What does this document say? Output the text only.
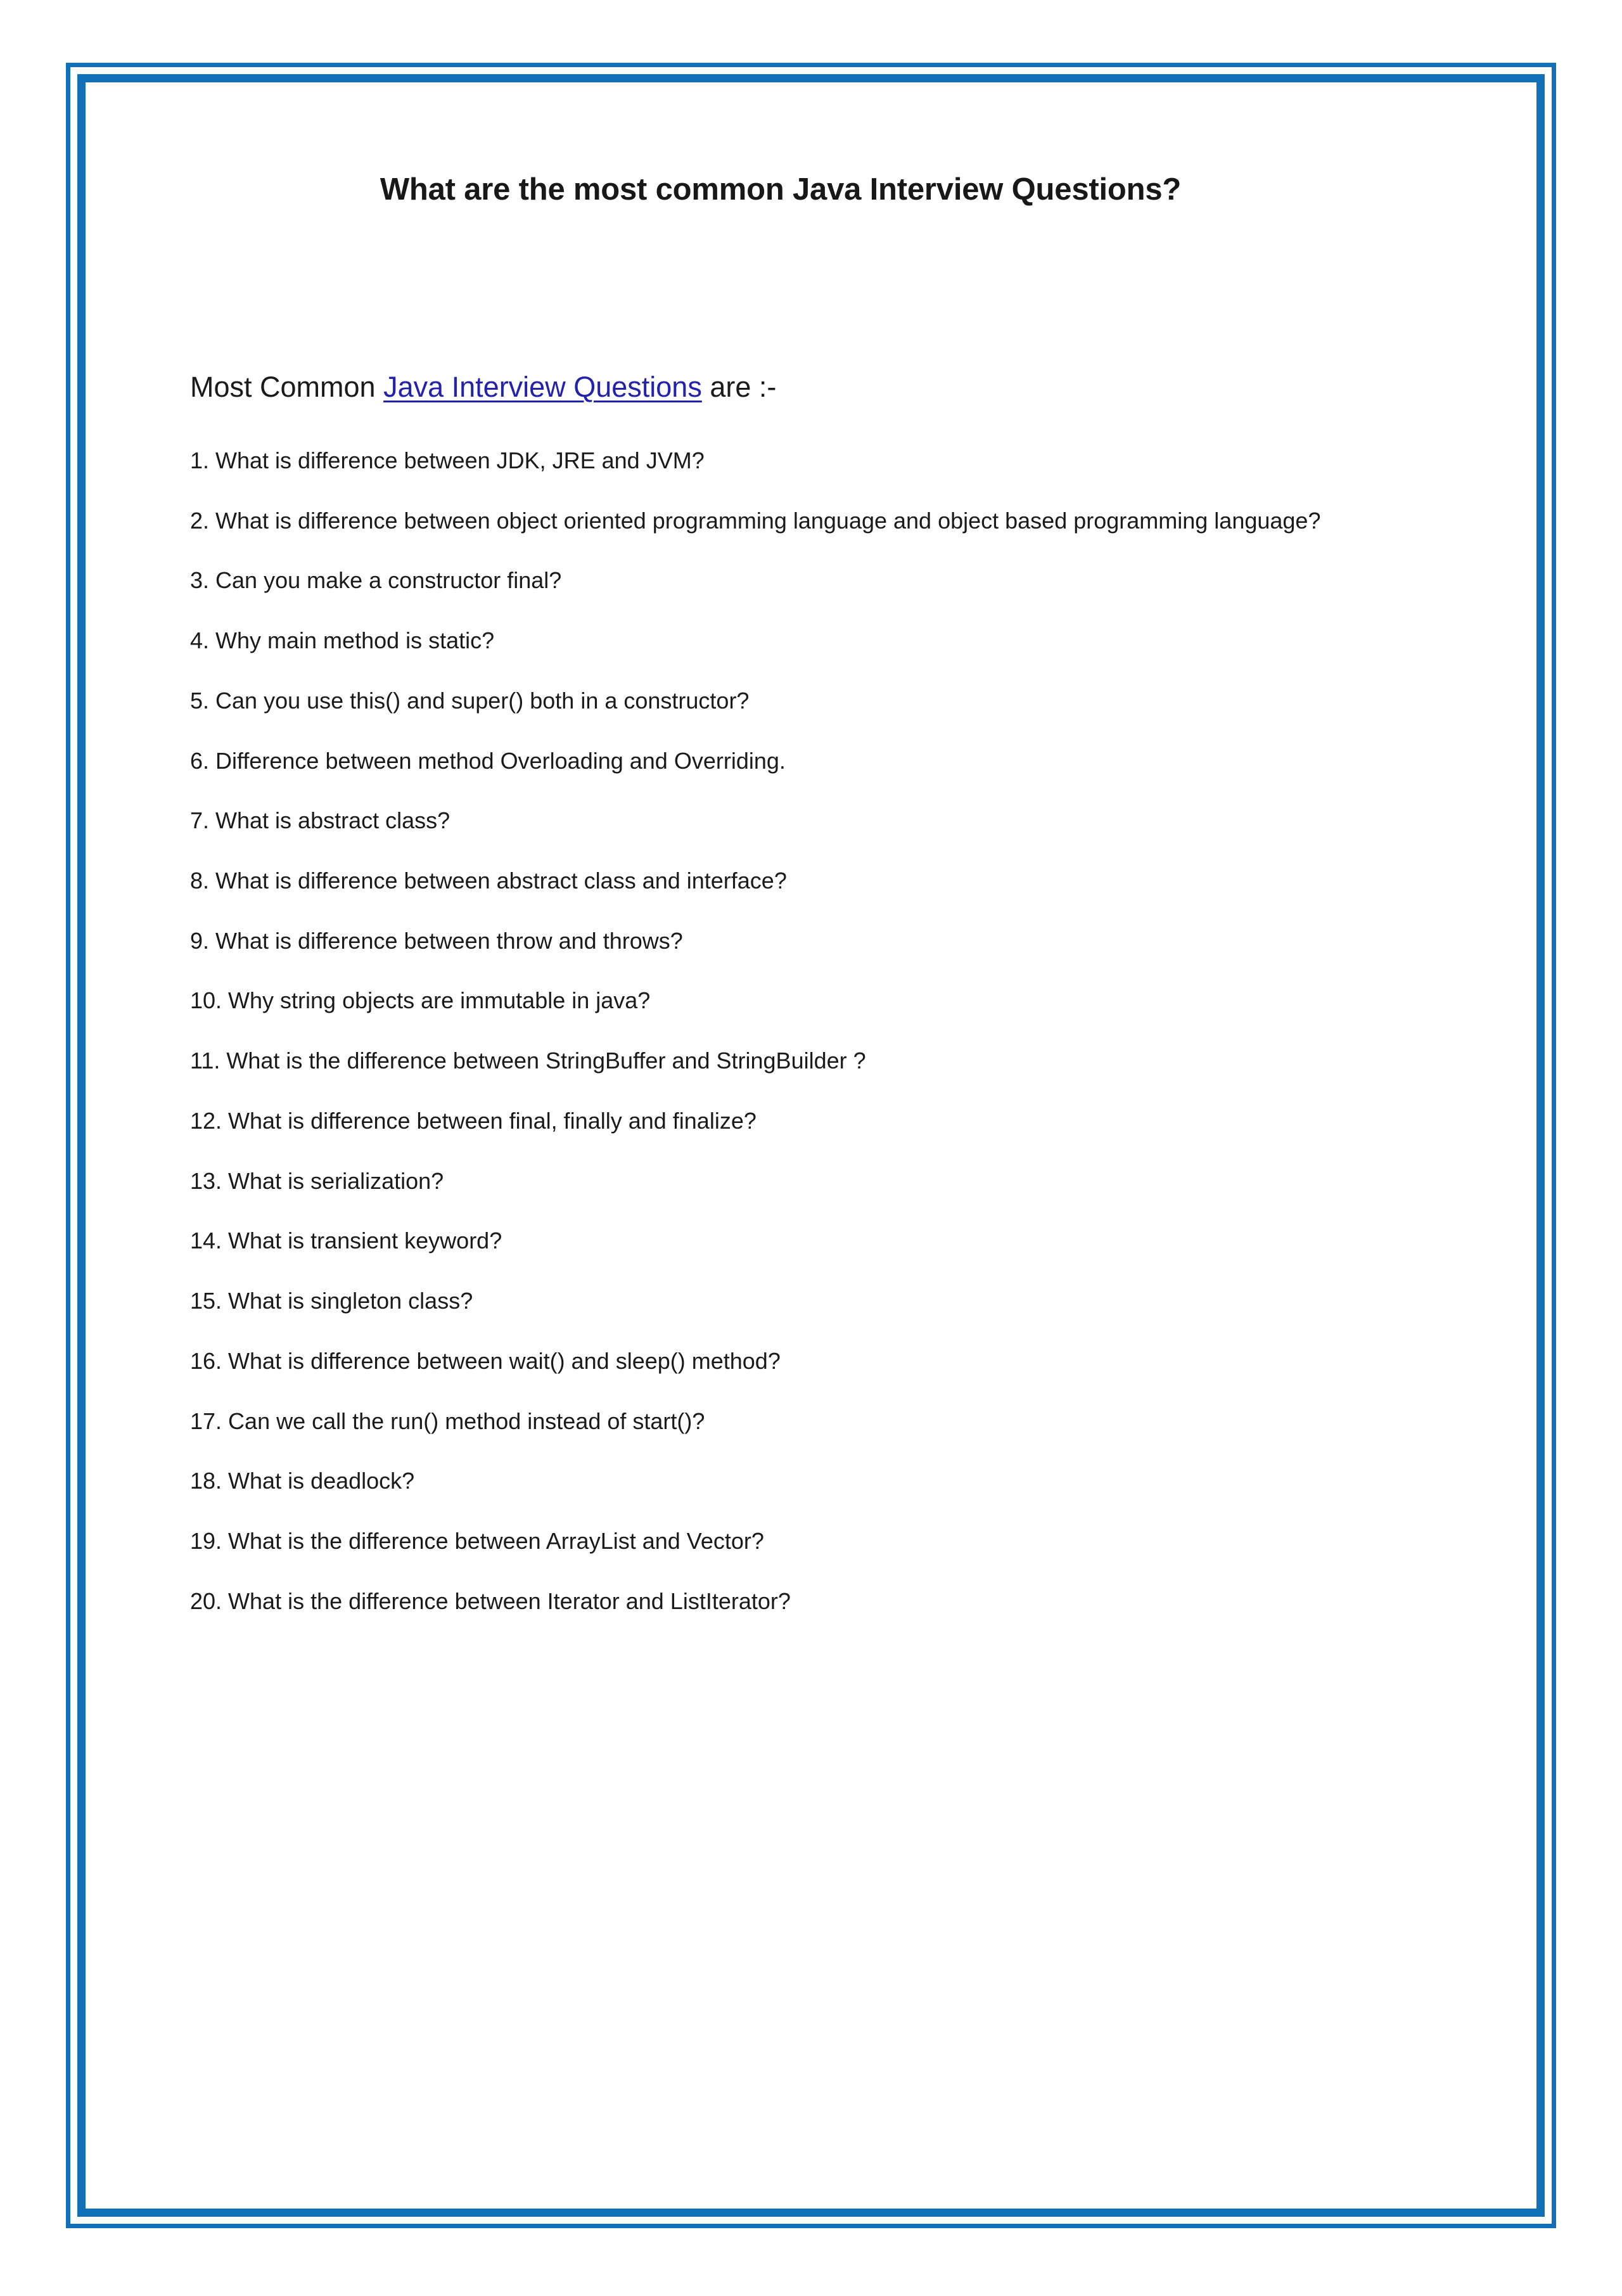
What are the most common Java Interview Questions?

Most Common Java Interview Questions are :-

1. What is difference between JDK, JRE and JVM?
2. What is difference between object oriented programming language and object based programming language?
3. Can you make a constructor final?
4. Why main method is static?
5. Can you use this() and super() both in a constructor?
6. Difference between method Overloading and Overriding.
7. What is abstract class?
8. What is difference between abstract class and interface?
9. What is difference between throw and throws?
10. Why string objects are immutable in java?
11. What is the difference between StringBuffer and StringBuilder ?
12. What is difference between final, finally and finalize?
13. What is serialization?
14. What is transient keyword?
15. What is singleton class?
16. What is difference between wait() and sleep() method?
17. Can we call the run() method instead of start()?
18. What is deadlock?
19. What is the difference between ArrayList and Vector?
20. What is the difference between Iterator and ListIterator?
